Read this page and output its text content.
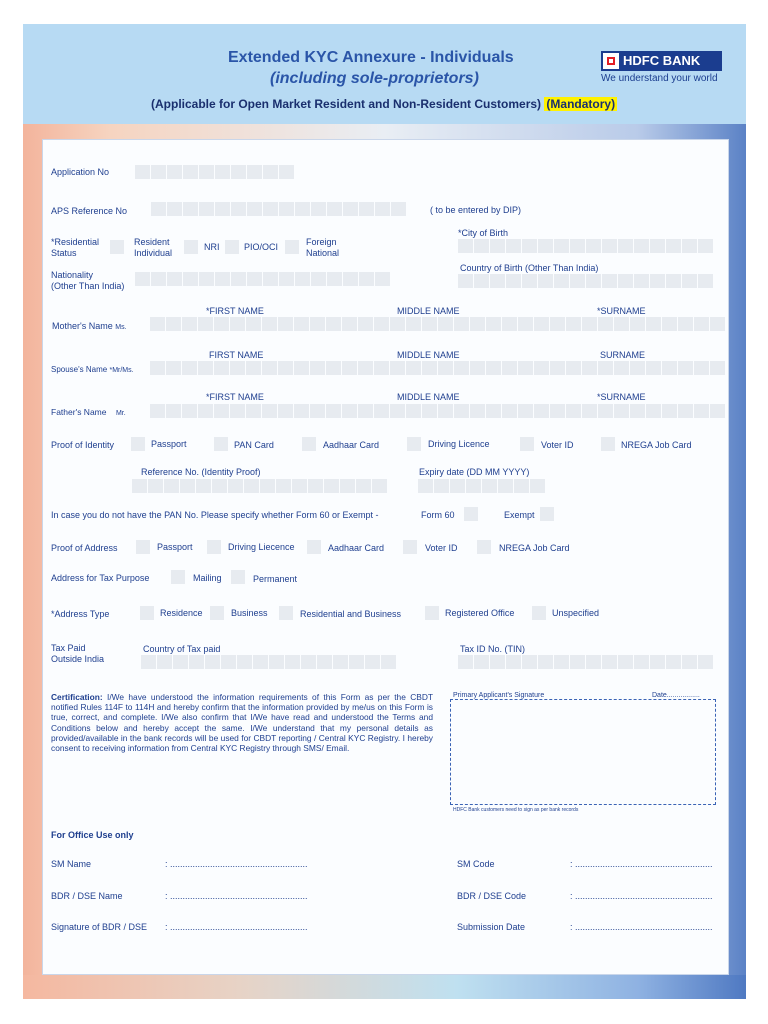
Extended KYC Annexure - Individuals
(including sole-proprietors)
(Applicable for Open Market Resident and Non-Resident Customers) (Mandatory)
HDFC BANK
We understand your world
Application No
APS Reference No	( to be entered by DIP)
*Residential
Status
Resident
Individual
NRI	PIO/OCI	Foreign
National
*City of Birth
Nationality
(Other Than India)
Country of Birth (Other Than India)
*FIRST NAME	MIDDLE NAME	*SURNAME
Mother's Name Ms.
FIRST NAME	MIDDLE NAME	SURNAME
Spouse's Name *Mr/Ms.
*FIRST NAME	MIDDLE NAME	*SURNAME
Father's Name Mr.
Proof of Identity	Passport	PAN Card	Aadhaar Card	Driving Licence	Voter ID	NREGA Job Card
Reference No. (Identity Proof)	Expiry date (DD MM YYYY)
In case you do not have the PAN No. Please specify whether Form 60 or Exempt -	Form 60	Exempt
Proof of Address	Passport	Driving Liecence	Aadhaar Card	Voter ID	NREGA Job Card
Address for Tax Purpose	Mailing	Permanent
*Address Type	Residence	Business	Residential and Business	Registered Office	Unspecified
Tax Paid
Outside India
Country of Tax paid	Tax ID No. (TIN)
Certification: I/We have understood the information requirements of this Form as per the CBDT notified Rules 114F to 114H and hereby confirm that the information provided by me/us on this Form is true, correct, and complete. I/We also confirm that I/We have read and understood the Terms and Conditions below and hereby accept the same. I/We understand that my personal details as provided/available in the bank records will be used for CBDT reporting / Central KYC Registry. I hereby consent to receiving information from Central KYC Registry through SMS/ Email.
Primary Applicant's Signature	Date.................
HDFC Bank customers need to sign as per bank records
For Office Use only
SM Name	: .......................................................	SM Code	: .......................................................
BDR / DSE Name	: .......................................................	BDR / DSE Code	: .......................................................
Signature of BDR / DSE : .......................................................	Submission Date	: .......................................................
